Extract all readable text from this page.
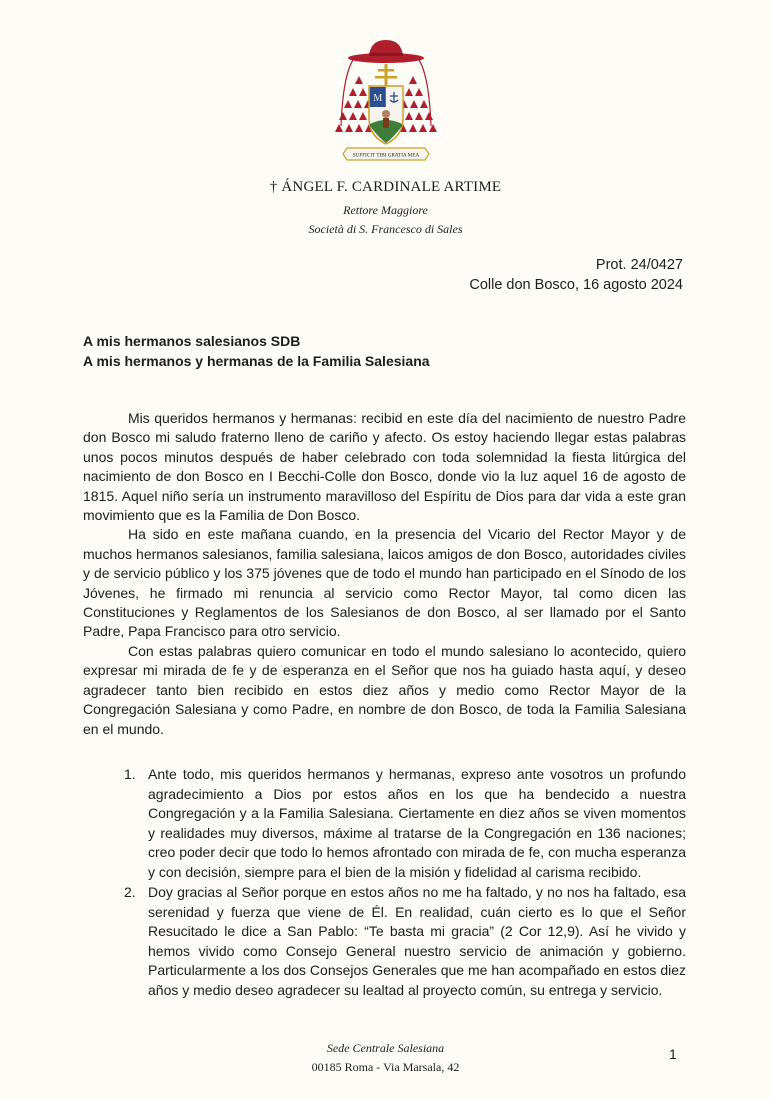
M
SUFFICIT TIBI GRATIA MEA
† ÁNGEL F. CARDINALE ARTIME
Rettore Maggiore
Società di S. Francesco di Sales
Prot. 24/0427
Colle don Bosco, 16 agosto 2024
A mis hermanos salesianos SDB
A mis hermanos y hermanas de la Familia Salesiana

Mis queridos hermanos y hermanas: recibid en este día del nacimiento de nuestro Padre don Bosco mi saludo fraterno lleno de cariño y afecto. Os estoy haciendo llegar estas palabras unos pocos minutos después de haber celebrado con toda solemnidad la fiesta litúrgica del nacimiento de don Bosco en I Becchi-Colle don Bosco, donde vio la luz aquel 16 de agosto de 1815. Aquel niño sería un instrumento maravilloso del Espíritu de Dios para dar vida a este gran movimiento que es la Familia de Don Bosco.

Ha sido en este mañana cuando, en la presencia del Vicario del Rector Mayor y de muchos hermanos salesianos, familia salesiana, laicos amigos de don Bosco, autoridades civiles y de servicio público y los 375 jóvenes que de todo el mundo han participado en el Sínodo de los Jóvenes, he firmado mi renuncia al servicio como Rector Mayor, tal como dicen las Constituciones y Reglamentos de los Salesianos de don Bosco, al ser llamado por el Santo Padre, Papa Francisco para otro servicio.

Con estas palabras quiero comunicar en todo el mundo salesiano lo acontecido, quiero expresar mi mirada de fe y de esperanza en el Señor que nos ha guiado hasta aquí, y deseo agradecer tanto bien recibido en estos diez años y medio como Rector Mayor de la Congregación Salesiana y como Padre, en nombre de don Bosco, de toda la Familia Salesiana en el mundo.

1. Ante todo, mis queridos hermanos y hermanas, expreso ante vosotros un profundo agradecimiento a Dios por estos años en los que ha bendecido a nuestra Congregación y a la Familia Salesiana. Ciertamente en diez años se viven momentos y realidades muy diversos, máxime al tratarse de la Congregación en 136 naciones; creo poder decir que todo lo hemos afrontado con mirada de fe, con mucha esperanza y con decisión, siempre para el bien de la misión y fidelidad al carisma recibido.
2. Doy gracias al Señor porque en estos años no me ha faltado, y no nos ha faltado, esa serenidad y fuerza que viene de Él. En realidad, cuán cierto es lo que el Señor Resucitado le dice a San Pablo: “Te basta mi gracia” (2 Cor 12,9). Así he vivido y hemos vivido como Consejo General nuestro servicio de animación y gobierno. Particularmente a los dos Consejos Generales que me han acompañado en estos diez años y medio deseo agradecer su lealtad al proyecto común, su entrega y servicio.
Sede Centrale Salesiana
00185 Roma - Via Marsala, 42
1
